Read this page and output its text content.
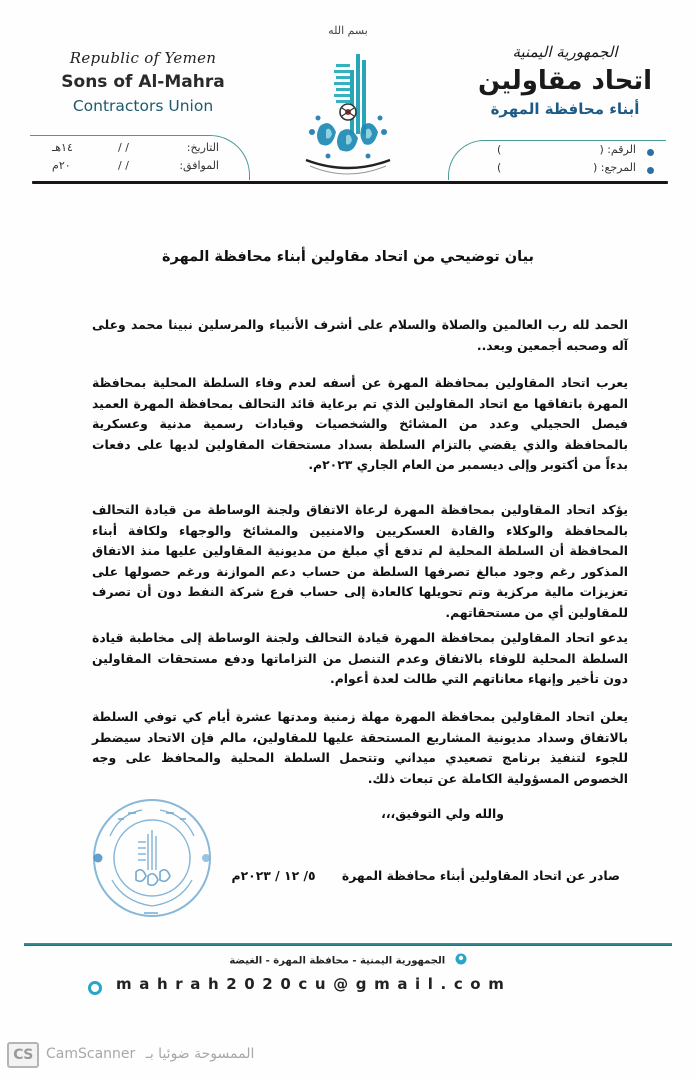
Republic of Yemen
Sons of Al-Mahra
Contractors Union
الجمهورية اليمنية
اتحاد مقاولين
أبناء محافظة المهرة
بسم الله
التاريخ:
/ /
١٤هـ
الموافق:
/ /
٢٠م
الرقم: (
)
المرجع: (
)
بيان توضيحي من اتحاد مقاولين أبناء محافظة المهرة
الحمد لله رب العالمين والصلاة والسلام على أشرف الأنبياء والمرسلين نبينا محمد وعلى آله وصحبه أجمعين وبعد..
يعرب اتحاد المقاولين بمحافظة المهرة عن أسفه لعدم وفاء السلطة المحلية بمحافظة المهرة باتفاقها مع اتحاد المقاولين الذي تم برعاية قائد التحالف بمحافظة المهرة العميد فيصل الحجيلي وعدد من المشائخ والشخصيات وقيادات رسمية مدنية وعسكرية بالمحافظة والذي يقضي بالتزام السلطة بسداد مستحقات المقاولين لديها على دفعات بدءاً من أكتوبر وإلى ديسمبر من العام الجاري ٢٠٢٣م.
يؤكد اتحاد المقاولين بمحافظة المهرة لرعاة الاتفاق ولجنة الوساطة من قيادة التحالف بالمحافظة والوكلاء والقادة العسكريين والامنيين والمشائخ والوجهاء ولكافة أبناء المحافظة أن السلطة المحلية لم تدفع أي مبلغ من مديونية المقاولين عليها منذ الاتفاق المذكور رغم وجود مبالغ تصرفها السلطة من حساب دعم الموازنة ورغم حصولها على تعزيزات مالية مركزية وتم تحويلها كالعادة إلى حساب فرع شركة النفط دون أن تصرف للمقاولين أي من مستحقاتهم.
يدعو اتحاد المقاولين بمحافظة المهرة قيادة التحالف ولجنة الوساطة إلى مخاطبة قيادة السلطة المحلية للوفاء بالاتفاق وعدم التنصل من التزاماتها ودفع مستحقات المقاولين دون تأخير وإنهاء معاناتهم التي طالت لعدة أعوام.
يعلن اتحاد المقاولين بمحافظة المهرة مهلة زمنية ومدتها عشرة أيام كي توفي السلطة بالاتفاق وسداد مديونية المشاريع المستحقة عليها للمقاولين، مالم فإن الاتحاد سيضطر للجوء لتنفيذ برنامج تصعيدي ميداني وتتحمل السلطة المحلية والمحافظ على وجه الخصوص المسؤولية الكاملة عن تبعات ذلك.
والله ولي التوفيق،،،
صادر عن اتحاد المقاولين أبناء محافظة المهرة ٥/ ١٢ / ٢٠٢٣م
الجمهورية اليمنية - محافظة المهرة - الغيضة
mahrah2020cu@gmail.com
CS CamScanner الممسوحة ضوئيا بـ
